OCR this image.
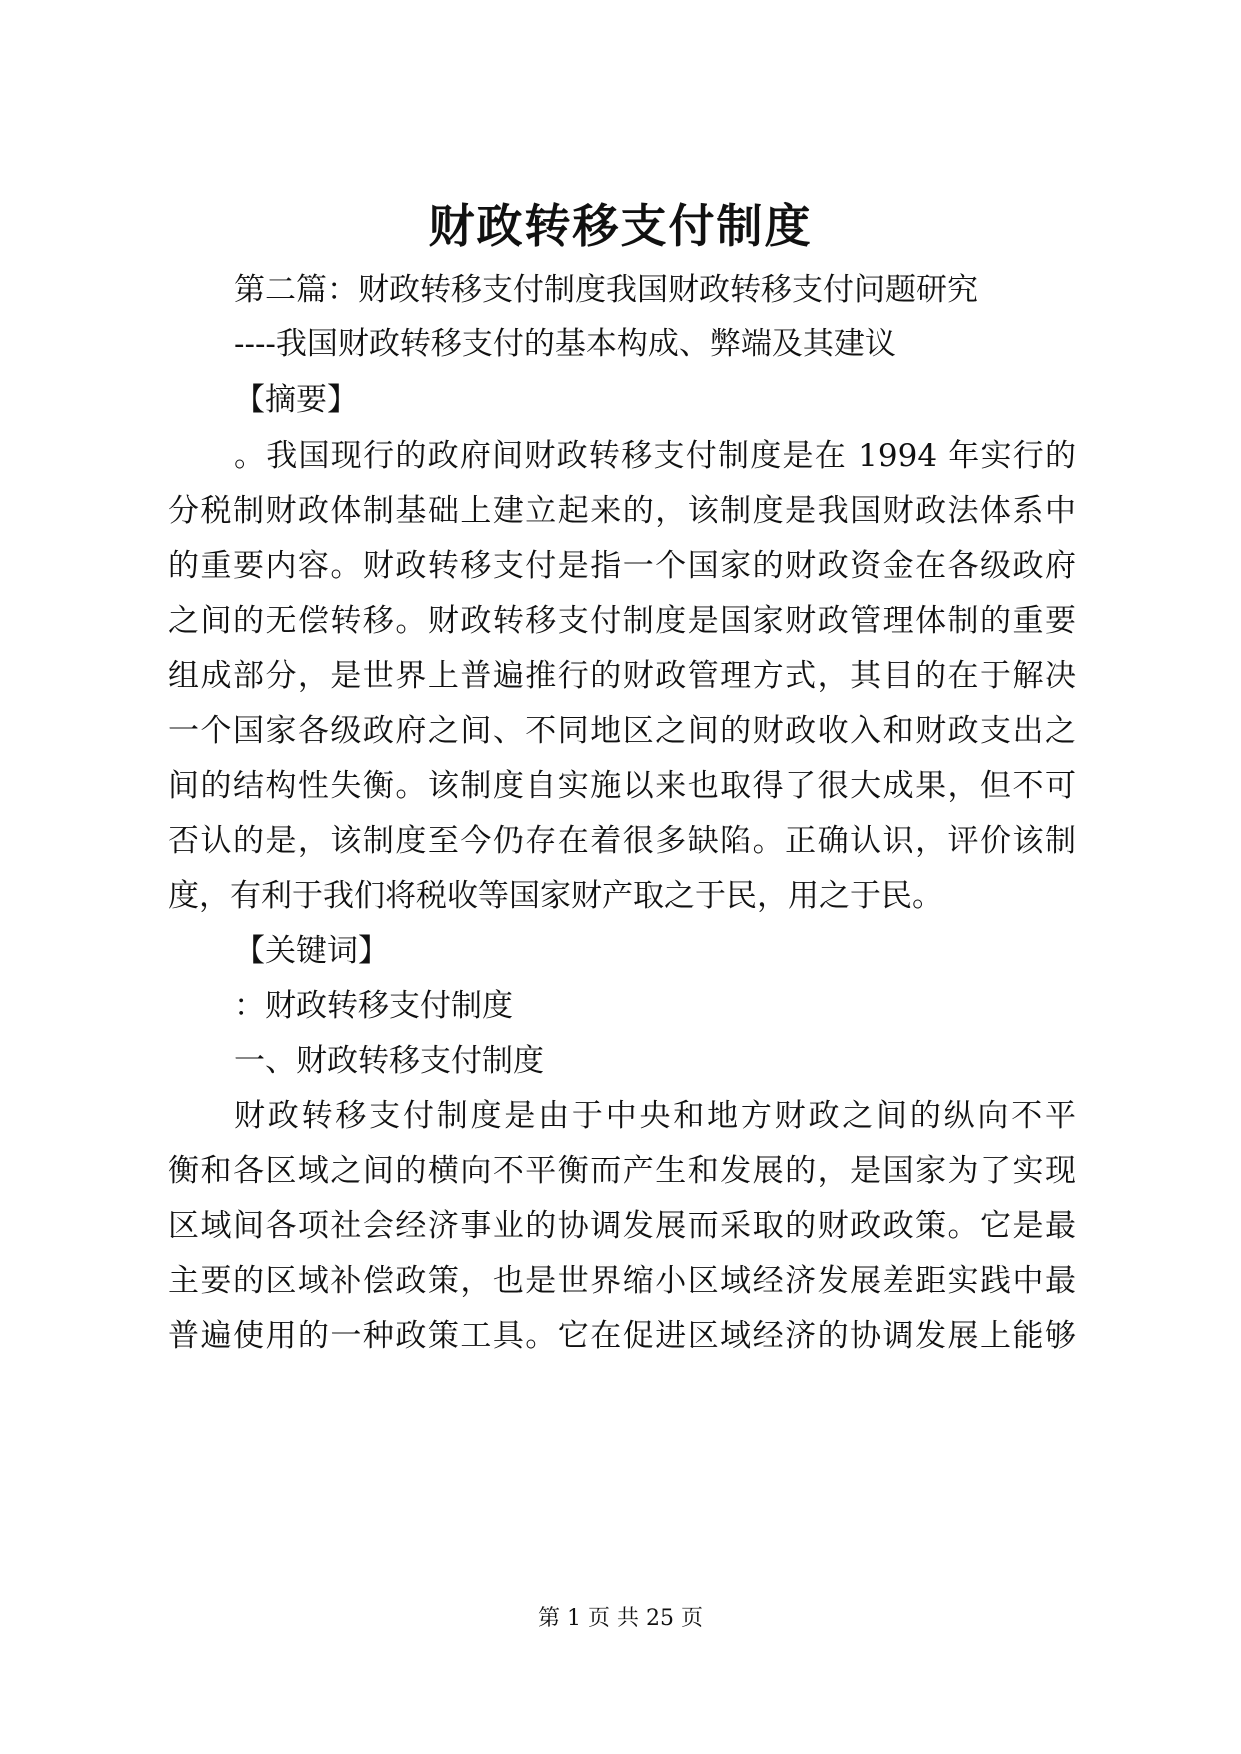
财政转移支付制度
第二篇：财政转移支付制度我国财政转移支付问题研究
----我国财政转移支付的基本构成、弊端及其建议
【摘要】
。我国现行的政府间财政转移支付制度是在 1994 年实行的
分税制财政体制基础上建立起来的，该制度是我国财政法体系中
的重要内容。财政转移支付是指一个国家的财政资金在各级政府
之间的无偿转移。财政转移支付制度是国家财政管理体制的重要
组成部分，是世界上普遍推行的财政管理方式，其目的在于解决
一个国家各级政府之间、不同地区之间的财政收入和财政支出之
间的结构性失衡。该制度自实施以来也取得了很大成果，但不可
否认的是，该制度至今仍存在着很多缺陷。正确认识，评价该制
度，有利于我们将税收等国家财产取之于民，用之于民。
【关键词】
：财政转移支付制度
一、财政转移支付制度
财政转移支付制度是由于中央和地方财政之间的纵向不平
衡和各区域之间的横向不平衡而产生和发展的，是国家为了实现
区域间各项社会经济事业的协调发展而采取的财政政策。它是最
主要的区域补偿政策，也是世界缩小区域经济发展差距实践中最
普遍使用的一种政策工具。它在促进区域经济的协调发展上能够
第 1 页 共 25 页
